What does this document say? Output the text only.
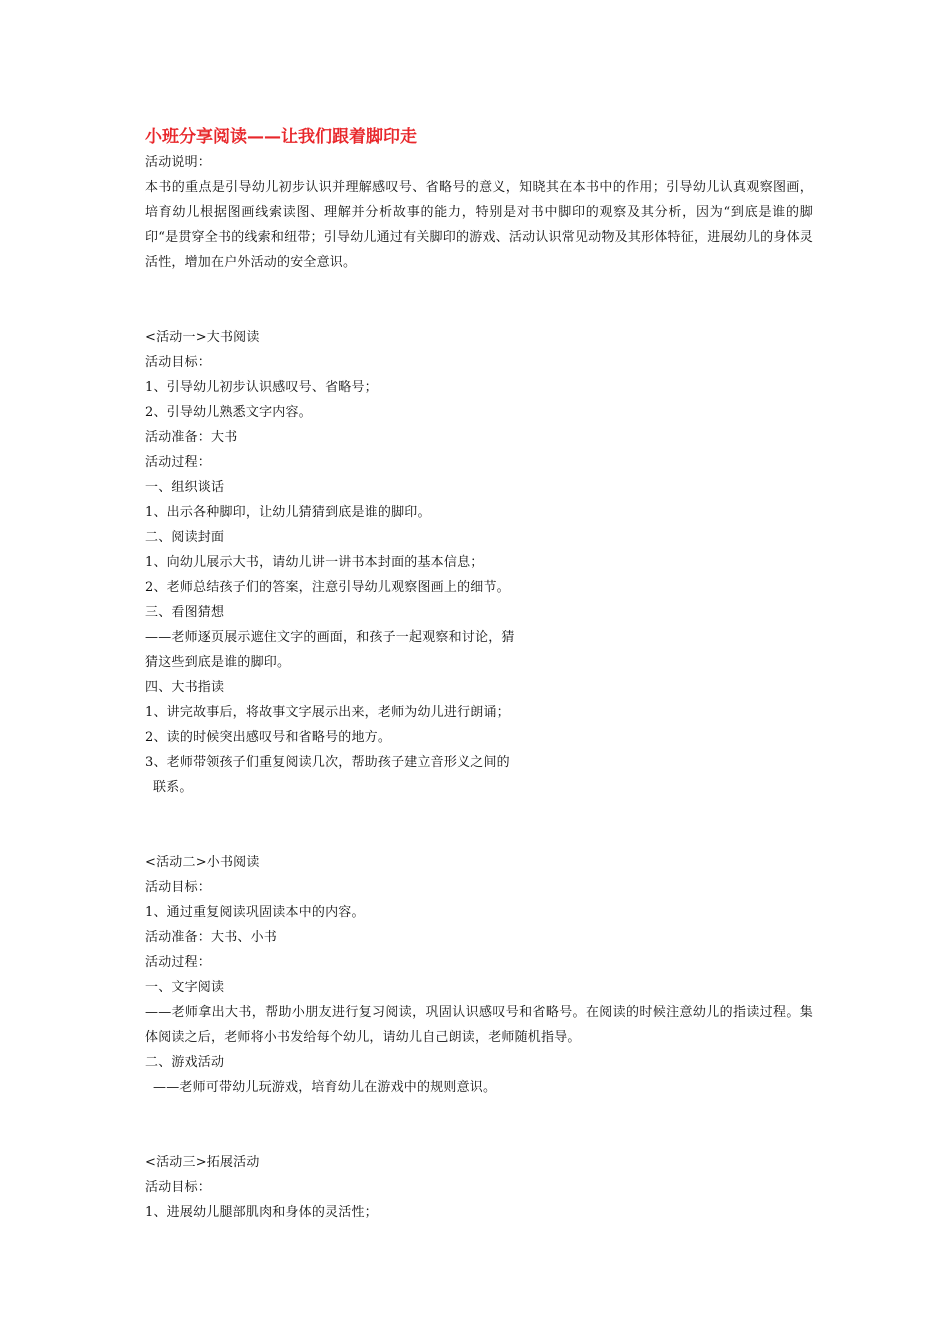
小班分享阅读——让我们跟着脚印走
活动说明：
本书的重点是引导幼儿初步认识并理解感叹号、省略号的意义，知晓其在本书中的作用；引导幼儿认真观察图画，培育幼儿根据图画线索读图、理解并分析故事的能力，特别是对书中脚印的观察及其分析，因为“到底是谁的脚印“是贯穿全书的线索和纽带；引导幼儿通过有关脚印的游戏、活动认识常见动物及其形体特征，进展幼儿的身体灵活性，增加在户外活动的安全意识。
<活动一>大书阅读
活动目标：
1、引导幼儿初步认识感叹号、省略号；
2、引导幼儿熟悉文字内容。
活动准备：大书
活动过程：
一、组织谈话
1、出示各种脚印，让幼儿猜猜到底是谁的脚印。
二、阅读封面
1、向幼儿展示大书，请幼儿讲一讲书本封面的基本信息；
2、老师总结孩子们的答案，注意引导幼儿观察图画上的细节。
三、看图猜想
——老师逐页展示遮住文字的画面，和孩子一起观察和讨论，猜
猜这些到底是谁的脚印。
四、大书指读
1、讲完故事后，将故事文字展示出来，老师为幼儿进行朗诵；
2、读的时候突出感叹号和省略号的地方。
3、老师带领孩子们重复阅读几次，帮助孩子建立音形义之间的
联系。
<活动二>小书阅读
活动目标：
1、通过重复阅读巩固读本中的内容。
活动准备：大书、小书
活动过程：
一、文字阅读
——老师拿出大书，帮助小朋友进行复习阅读，巩固认识感叹号和省略号。在阅读的时候注意幼儿的指读过程。集体阅读之后，老师将小书发给每个幼儿，请幼儿自己朗读，老师随机指导。
二、游戏活动
——老师可带幼儿玩游戏，培育幼儿在游戏中的规则意识。
<活动三>拓展活动
活动目标：
1、进展幼儿腿部肌肉和身体的灵活性；
